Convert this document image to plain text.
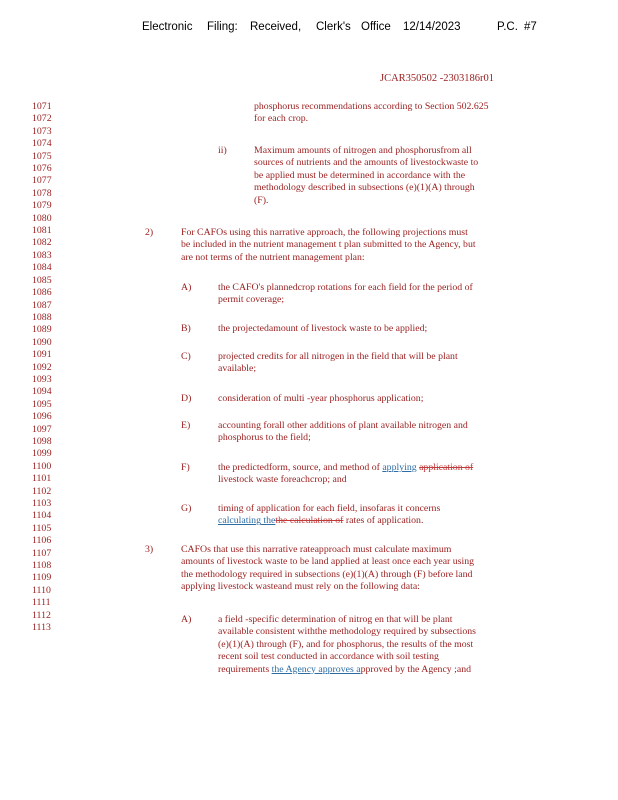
Electronic Filing: Received, Clerk's Office 12/14/2023	P.C. #7
JCAR350502 -2303186r01
1071
1072
1073
1074
1075
1076
1077
1078
1079
1080
1081
1082
1083
1084
1085
1086
1087
1088
1089
1090
1091
1092
1093
1094
1095
1096
1097
1098
1099
1100
1101
1102
1103
1104
1105
1106
1107
1108
1109
1110
1111
1112
1113
phosphorus recommendations according to Section 502.625
for each crop.
ii)	Maximum amounts of nitrogen and phosphorusfrom all
sources of nutrients and the amounts of livestockwaste to
be applied must be determined in accordance with the
methodology described in subsections (e)(1)(A) through
(F).
2)	For CAFOs using this narrative approach, the following projections must
be included in the nutrient management t plan submitted to the Agency, but
are not terms of the nutrient management plan:
A)	the CAFO's plannedcrop rotations for each field for the period of
permit coverage;
B)	the projectedamount of livestock waste to be applied;
C)	projected credits for all nitrogen in the field that will be plant
available;
D)	consideration of multi -year phosphorus application;
E)	accounting forall other additions of plant available nitrogen and
phosphorus to the field;
F)	the predictedform, source, and method of applying application of
livestock waste foreachcrop; and
G)	timing of application for each field, insofaras it concerns
calculating thethe calculation of rates of application.
3)	CAFOs that use this narrative rateapproach must calculate maximum
amounts of livestock waste to be land applied at least once each year using
the methodology required in subsections (e)(1)(A) through (F) before land
applying livestock wasteand must rely on the following data:
A)	a field -specific determination of nitrog en that will be plant
available consistent withthe methodology required by subsections
(e)(1)(A) through (F), and for phosphorus, the results of the most
recent soil test conducted in accordance with soil testing
requirements the Agency approves approved by the Agency ;and
